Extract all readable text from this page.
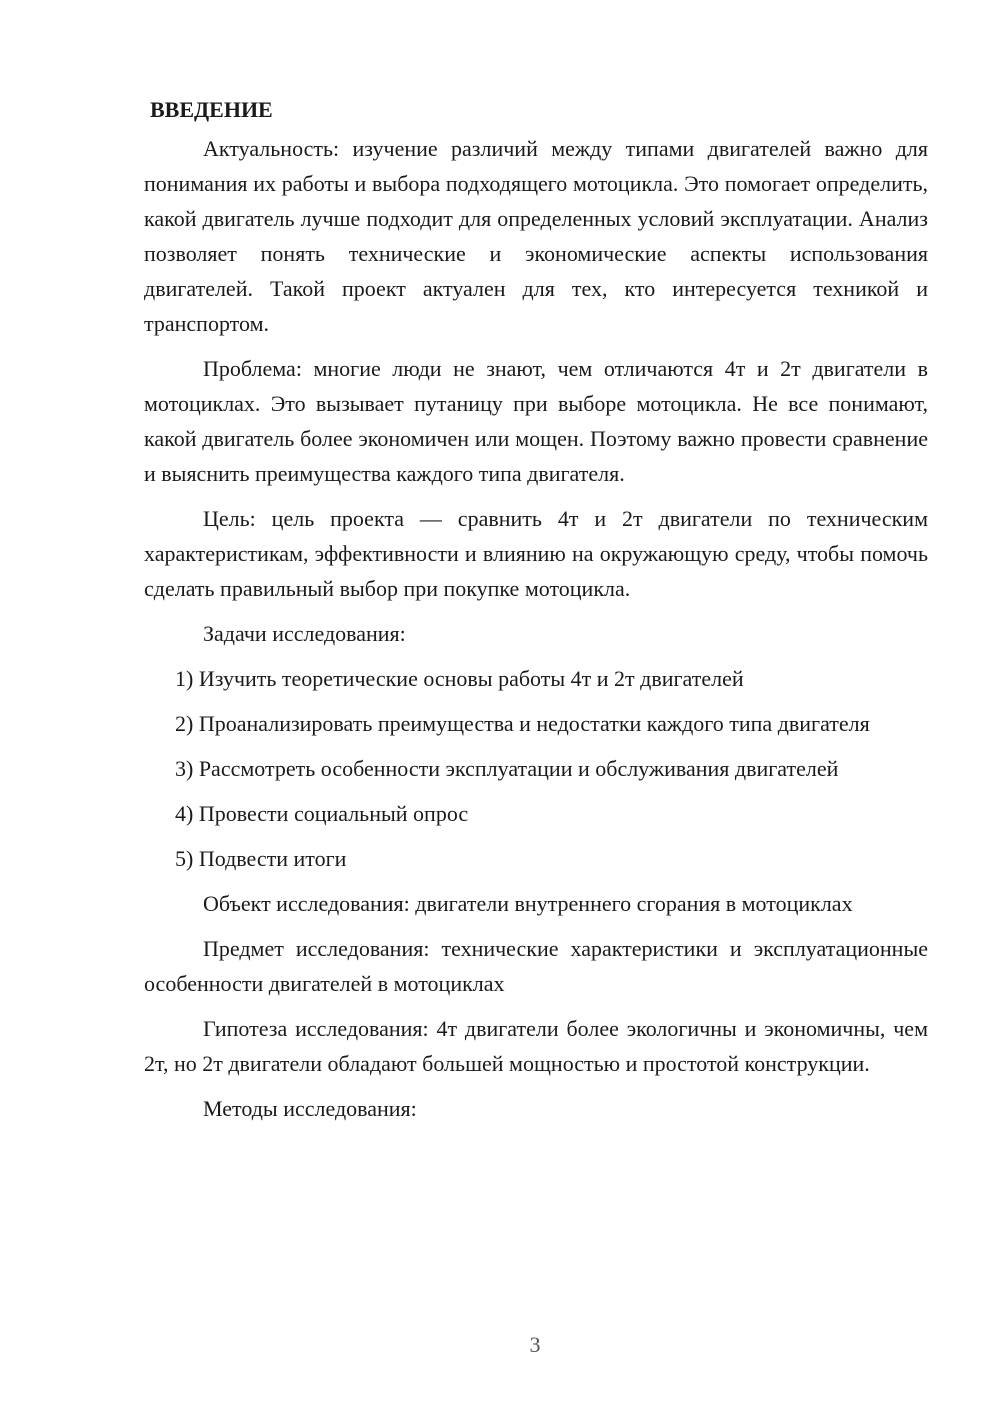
ВВЕДЕНИЕ

Актуальность: изучение различий между типами двигателей важно для понимания их работы и выбора подходящего мотоцикла. Это помогает определить, какой двигатель лучше подходит для определенных условий эксплуатации. Анализ позволяет понять технические и экономические аспекты использования двигателей. Такой проект актуален для тех, кто интересуется техникой и транспортом.

Проблема: многие люди не знают, чем отличаются 4т и 2т двигатели в мотоциклах. Это вызывает путаницу при выборе мотоцикла. Не все понимают, какой двигатель более экономичен или мощен. Поэтому важно провести сравнение и выяснить преимущества каждого типа двигателя.

Цель: цель проекта — сравнить 4т и 2т двигатели по техническим характеристикам, эффективности и влиянию на окружающую среду, чтобы помочь сделать правильный выбор при покупке мотоцикла.

Задачи исследования:

1) Изучить теоретические основы работы 4т и 2т двигателей

2) Проанализировать преимущества и недостатки каждого типа двигателя

3) Рассмотреть особенности эксплуатации и обслуживания двигателей

4) Провести социальный опрос

5) Подвести итоги

Объект исследования: двигатели внутреннего сгорания в мотоциклах

Предмет исследования: технические характеристики и эксплуатационные особенности двигателей в мотоциклах

Гипотеза исследования: 4т двигатели более экологичны и экономичны, чем 2т, но 2т двигатели обладают большей мощностью и простотой конструкции.

Методы исследования:

3
